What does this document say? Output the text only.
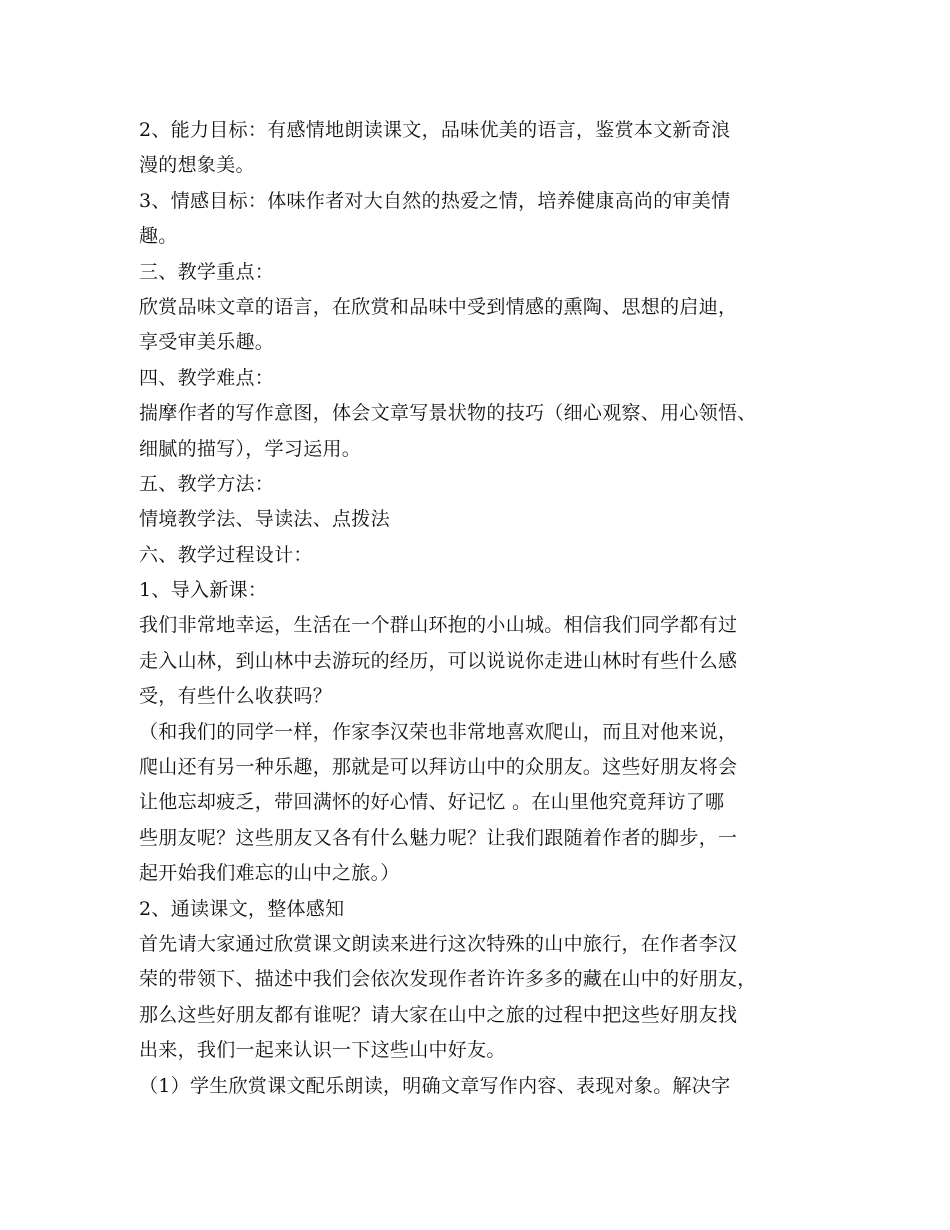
2、能力目标：有感情地朗读课文，品味优美的语言，鉴赏本文新奇浪
漫的想象美。
3、情感目标：体味作者对大自然的热爱之情，培养健康高尚的审美情
趣。
三、教学重点：
欣赏品味文章的语言，在欣赏和品味中受到情感的熏陶、思想的启迪，
享受审美乐趣。
四、教学难点：
揣摩作者的写作意图，体会文章写景状物的技巧（细心观察、用心领悟、
细腻的描写），学习运用。
五、教学方法：
情境教学法、导读法、点拨法
六、教学过程设计：
1、导入新课：
我们非常地幸运，生活在一个群山环抱的小山城。相信我们同学都有过
走入山林，到山林中去游玩的经历，可以说说你走进山林时有些什么感
受，有些什么收获吗？
（和我们的同学一样，作家李汉荣也非常地喜欢爬山，而且对他来说，
爬山还有另一种乐趣，那就是可以拜访山中的众朋友。这些好朋友将会
让他忘却疲乏，带回满怀的好心情、好记忆 。在山里他究竟拜访了哪
些朋友呢？这些朋友又各有什么魅力呢？让我们跟随着作者的脚步，一
起开始我们难忘的山中之旅。）
2、通读课文，整体感知
首先请大家通过欣赏课文朗读来进行这次特殊的山中旅行，在作者李汉
荣的带领下、描述中我们会依次发现作者许许多多的藏在山中的好朋友，
那么这些好朋友都有谁呢？请大家在山中之旅的过程中把这些好朋友找
出来，我们一起来认识一下这些山中好友。
（1）学生欣赏课文配乐朗读，明确文章写作内容、表现对象。解决字
